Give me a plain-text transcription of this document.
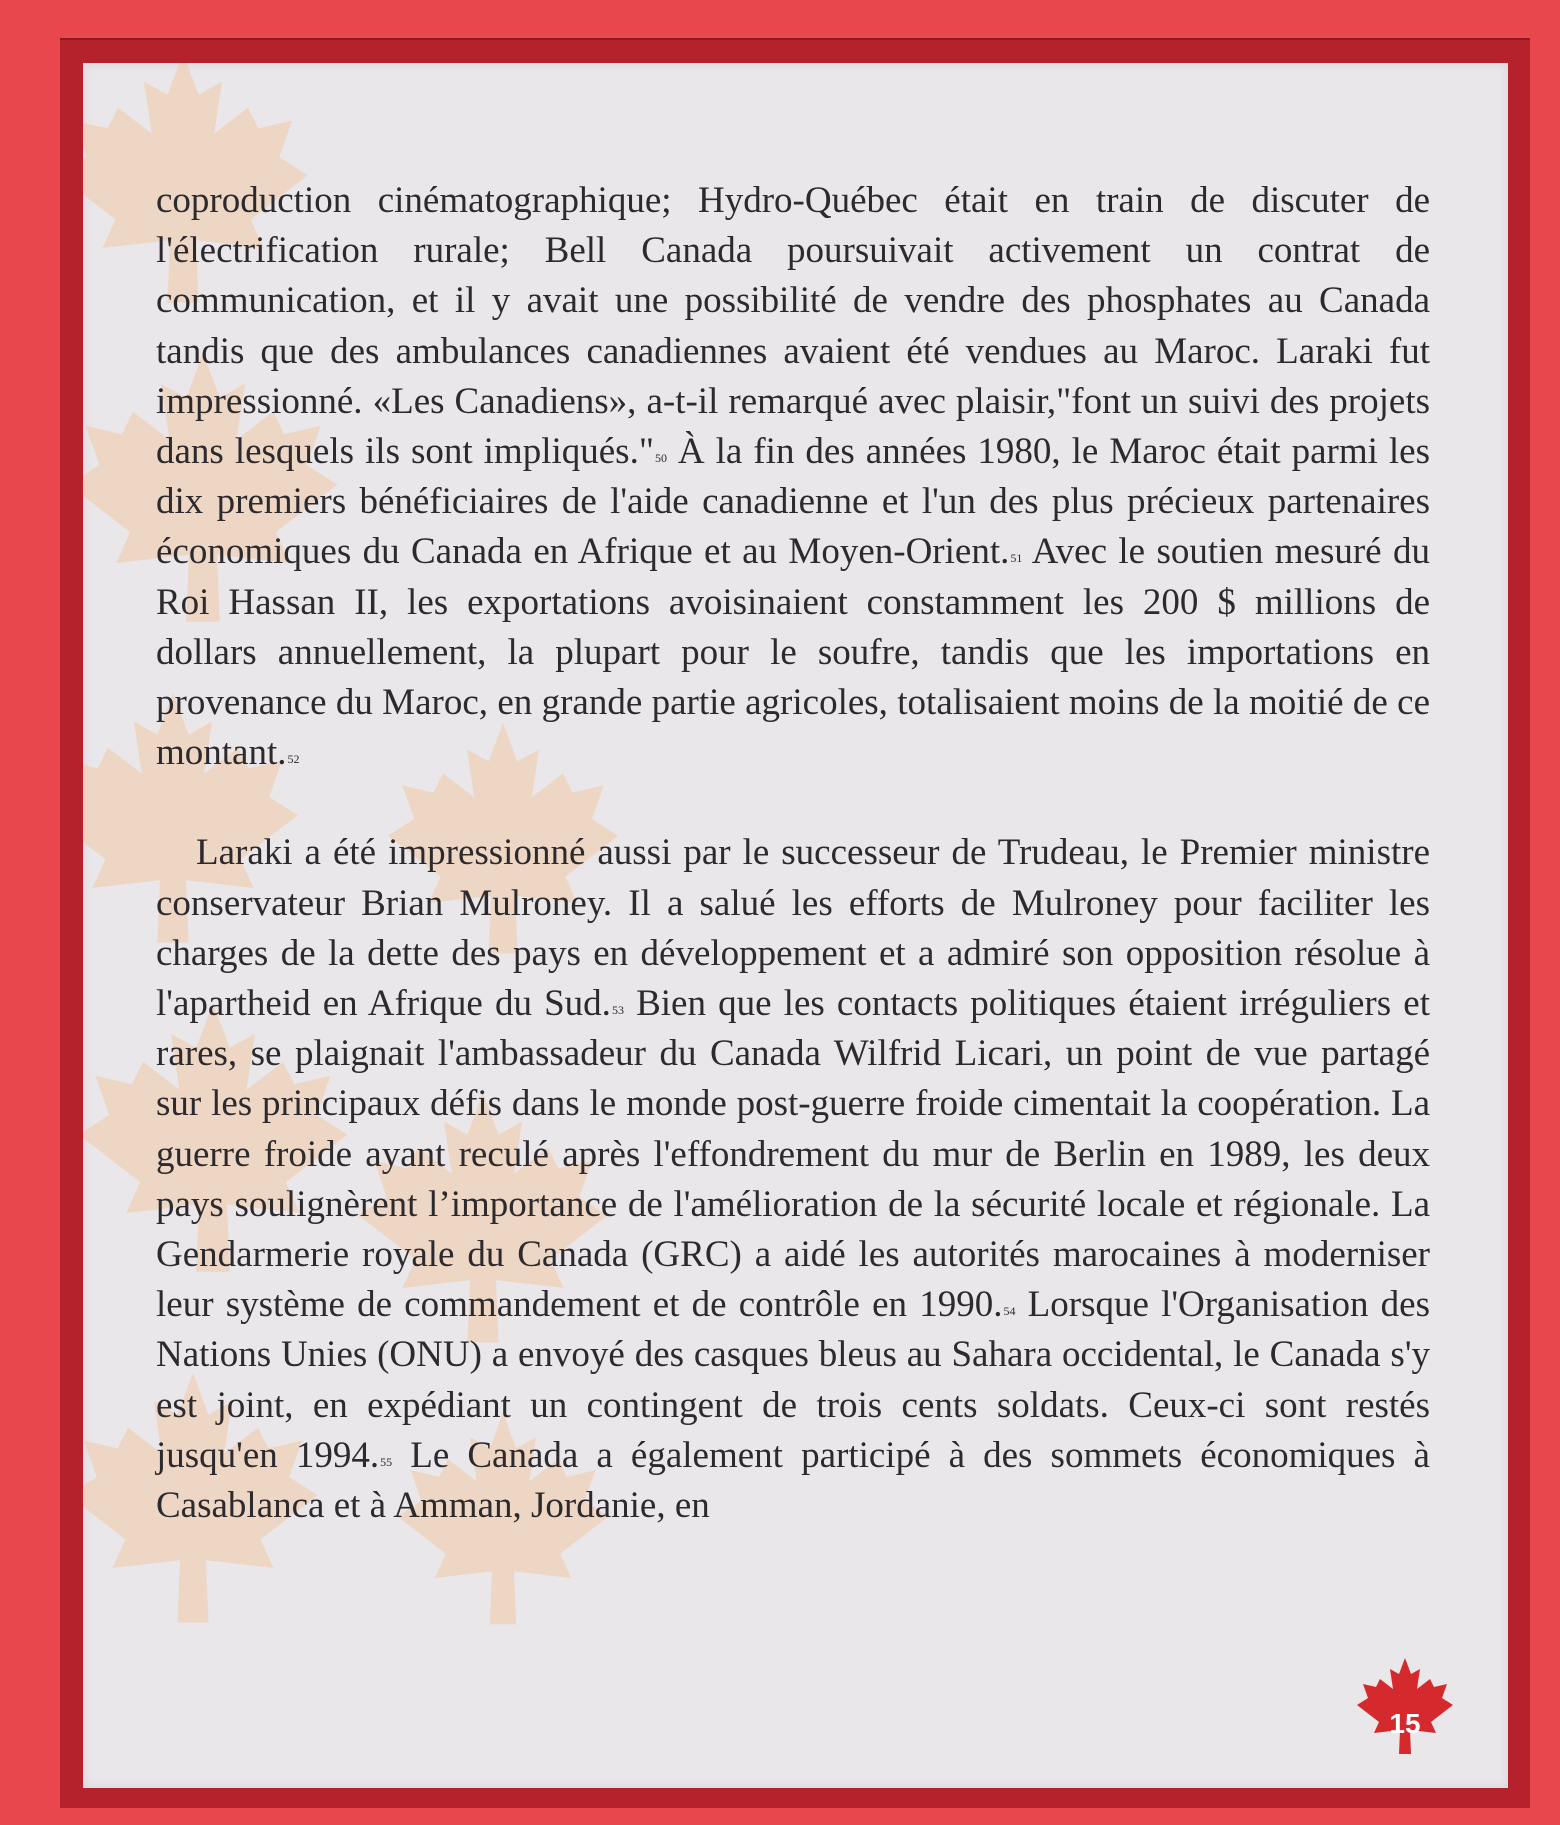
coproduction cinématographique; Hydro-Québec était en train de discuter de l'électrification rurale; Bell Canada poursuivait activement un contrat de communication, et il y avait une possibilité de vendre des phosphates au Canada tandis que des ambulances canadiennes avaient été vendues au Maroc. Laraki fut impressionné. «Les Canadiens», a-t-il remarqué avec plaisir,"font un suivi des projets dans lesquels ils sont impliqués."$^{50}$ À la fin des années 1980, le Maroc était parmi les dix premiers bénéficiaires de l'aide canadienne et l'un des plus précieux partenaires économiques du Canada en Afrique et au Moyen-Orient.$^{51}$ Avec le soutien mesuré du Roi Hassan II, les exportations avoisinaient constamment les 200 $ millions de dollars annuellement, la plupart pour le soufre, tandis que les importations en provenance du Maroc, en grande partie agricoles, totalisaient moins de la moitié de ce montant.$^{52}$

Laraki a été impressionné aussi par le successeur de Trudeau, le Premier ministre conservateur Brian Mulroney. Il a salué les efforts de Mulroney pour faciliter les charges de la dette des pays en développement et a admiré son opposition résolue à l'apartheid en Afrique du Sud.$^{53}$ Bien que les contacts politiques étaient irréguliers et rares, se plaignait l'ambassadeur du Canada Wilfrid Licari, un point de vue partagé sur les principaux défis dans le monde post-guerre froide cimentait la coopération. La guerre froide ayant reculé après l'effondrement du mur de Berlin en 1989, les deux pays soulignèrent l’importance de l'amélioration de la sécurité locale et régionale. La Gendarmerie royale du Canada (GRC) a aidé les autorités marocaines à moderniser leur système de commandement et de contrôle en 1990.54 Lorsque l'Organisation des Nations Unies (ONU) a envoyé des casques bleus au Sahara occidental, le Canada s'y est joint, en expédiant un contingent de trois cents soldats. Ceux-ci sont restés jusqu'en 1994.55 Le Canada a également participé à des sommets économiques à Casablanca et à Amman, Jordanie, en

15
